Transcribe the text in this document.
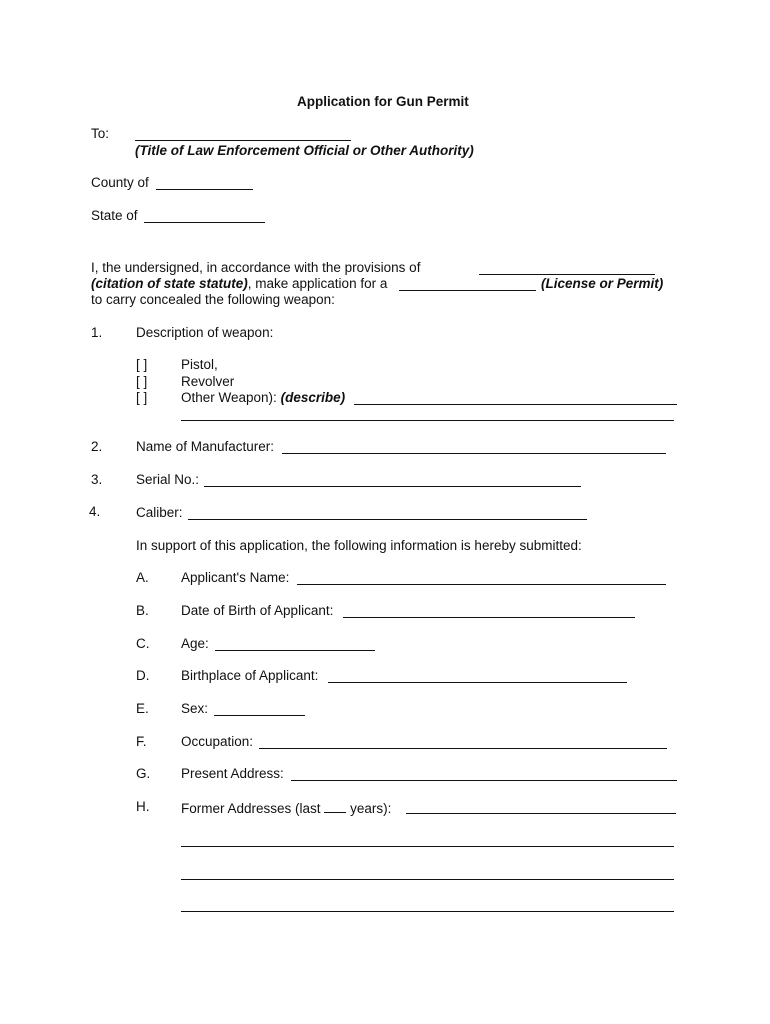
Application for Gun Permit
To:
(Title of Law Enforcement Official or Other Authority)
County of
State of
I, the undersigned, in accordance with the provisions of
(citation of state statute), make application for a	(License or Permit)
to carry concealed the following weapon:
1. Description of weapon:
[ ] Pistol,
[ ] Revolver
[ ] Other Weapon): (describe)
2. Name of Manufacturer:
3. Serial No.:
4.	Caliber:
In support of this application, the following information is hereby submitted:
A. Applicant's Name:
B. Date of Birth of Applicant:
C. Age:
D. Birthplace of Applicant:
E. Sex:
F.	Occupation:
G. Present Address:
H. Former Addresses (last years):
